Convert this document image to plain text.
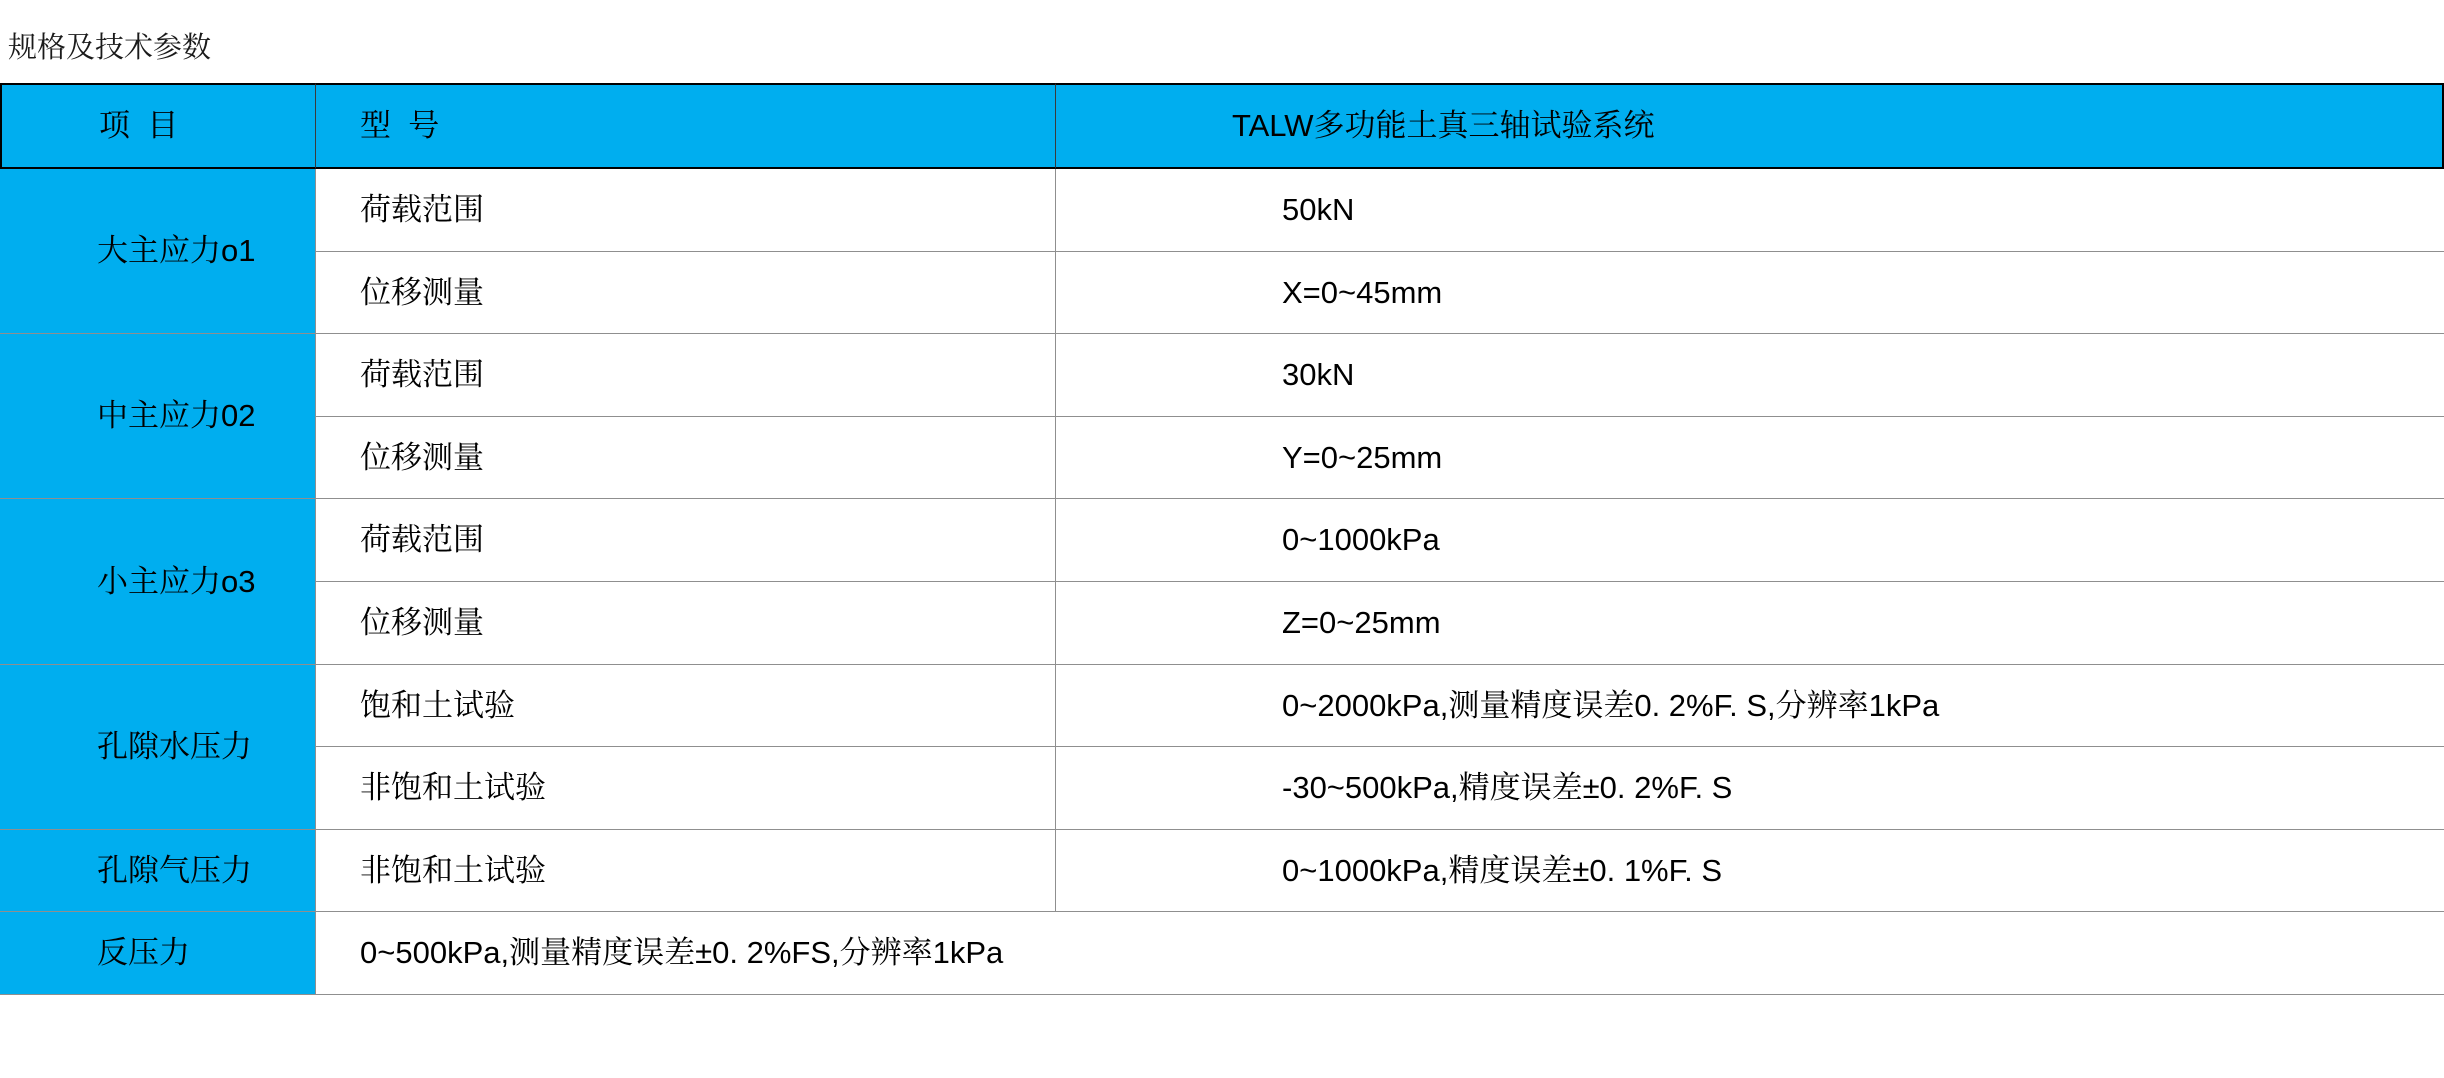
规格及技术参数
项  目	型  号	TALW多功能土真三轴试验系统
大主应力o1
荷载范围	50kN
位移测量	X=0~45mm
中主应力02
荷载范围	30kN
位移测量	Y=0~25mm
小主应力o3
荷载范围	0~1000kPa
位移测量	Z=0~25mm
孔隙水压力
饱和土试验	0~2000kPa,测量精度误差0. 2%F. S,分辨率1kPa
非饱和土试验	-30~500kPa,精度误差±0. 2%F. S
孔隙气压力	非饱和土试验	0~1000kPa,精度误差±0. 1%F. S
反压力	0~500kPa,测量精度误差±0. 2%FS,分辨率1kPa
